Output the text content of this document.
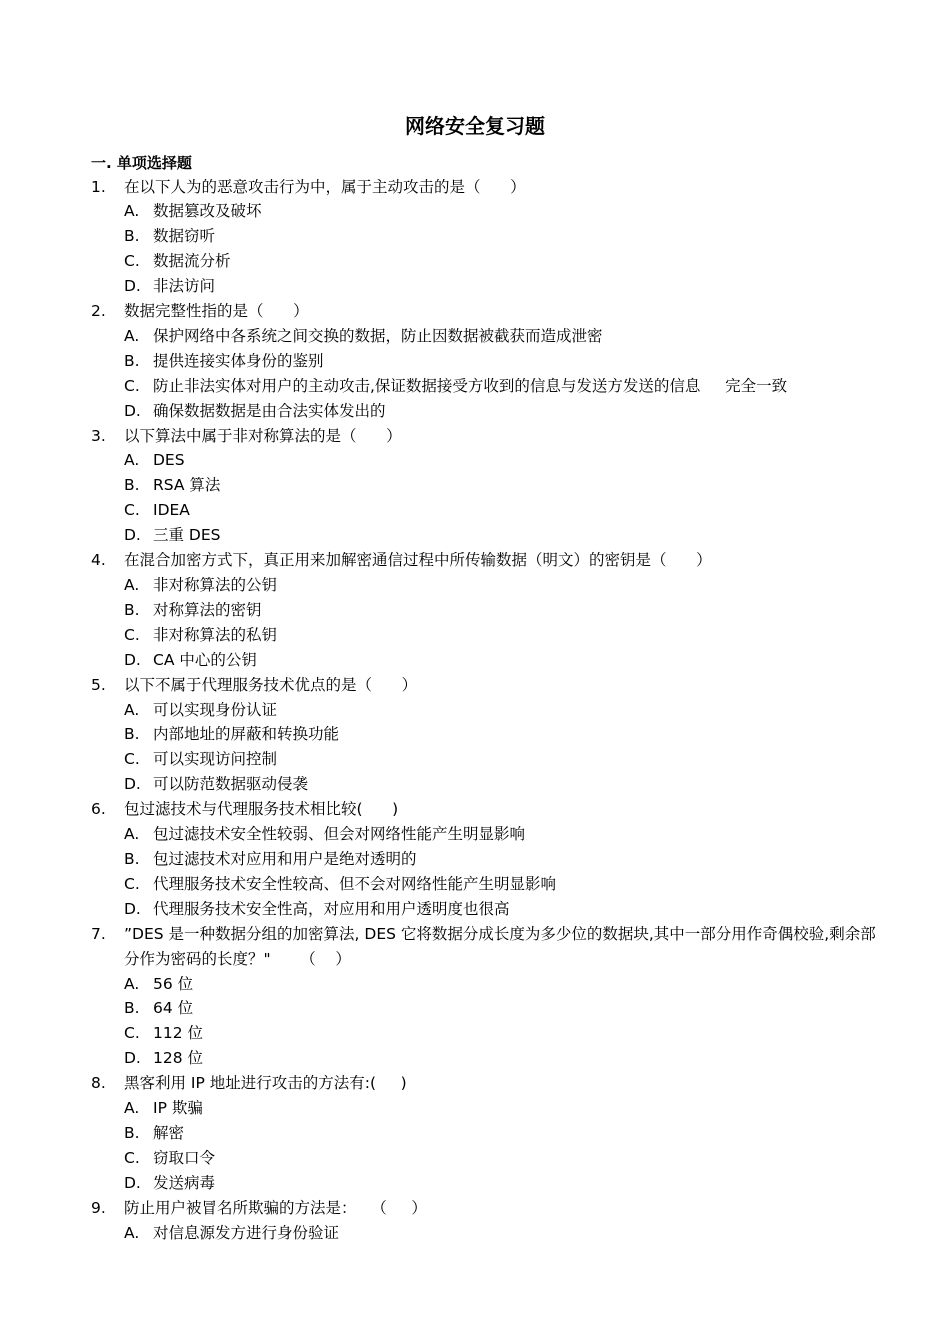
网络安全复习题
一. 单项选择题
1.	在以下人为的恶意攻击行为中，属于主动攻击的是（      ）
A. 数据篡改及破坏
B. 数据窃听
C. 数据流分析
D. 非法访问
2.	数据完整性指的是（      ）
A. 保护网络中各系统之间交换的数据，防止因数据被截获而造成泄密
B. 提供连接实体身份的鉴别
C. 防止非法实体对用户的主动攻击,保证数据接受方收到的信息与发送方发送的信息     完全一致
D. 确保数据数据是由合法实体发出的
3.	以下算法中属于非对称算法的是（      ）
A. DES
B. RSA 算法
C. IDEA
D. 三重 DES
4.	在混合加密方式下，真正用来加解密通信过程中所传输数据（明文）的密钥是（      ）
A. 非对称算法的公钥
B. 对称算法的密钥
C. 非对称算法的私钥
D. CA 中心的公钥
5.	以下不属于代理服务技术优点的是（      ）
A. 可以实现身份认证
B. 内部地址的屏蔽和转换功能
C. 可以实现访问控制
D. 可以防范数据驱动侵袭
6.	包过滤技术与代理服务技术相比较(      )
A. 包过滤技术安全性较弱、但会对网络性能产生明显影响
B. 包过滤技术对应用和用户是绝对透明的
C. 代理服务技术安全性较高、但不会对网络性能产生明显影响
D. 代理服务技术安全性高，对应用和用户透明度也很高
7.	”DES 是一种数据分组的加密算法, DES 它将数据分成长度为多少位的数据块,其中一部分用作奇偶校验,剩余部分作为密码的长度？"      （    ）
A. 56 位
B. 64 位
C. 112 位
D. 128 位
8.	黑客利用 IP 地址进行攻击的方法有:(     )
A. IP 欺骗
B. 解密
C. 窃取口令
D. 发送病毒
9.	防止用户被冒名所欺骗的方法是：   （     ）
A. 对信息源发方进行身份验证
